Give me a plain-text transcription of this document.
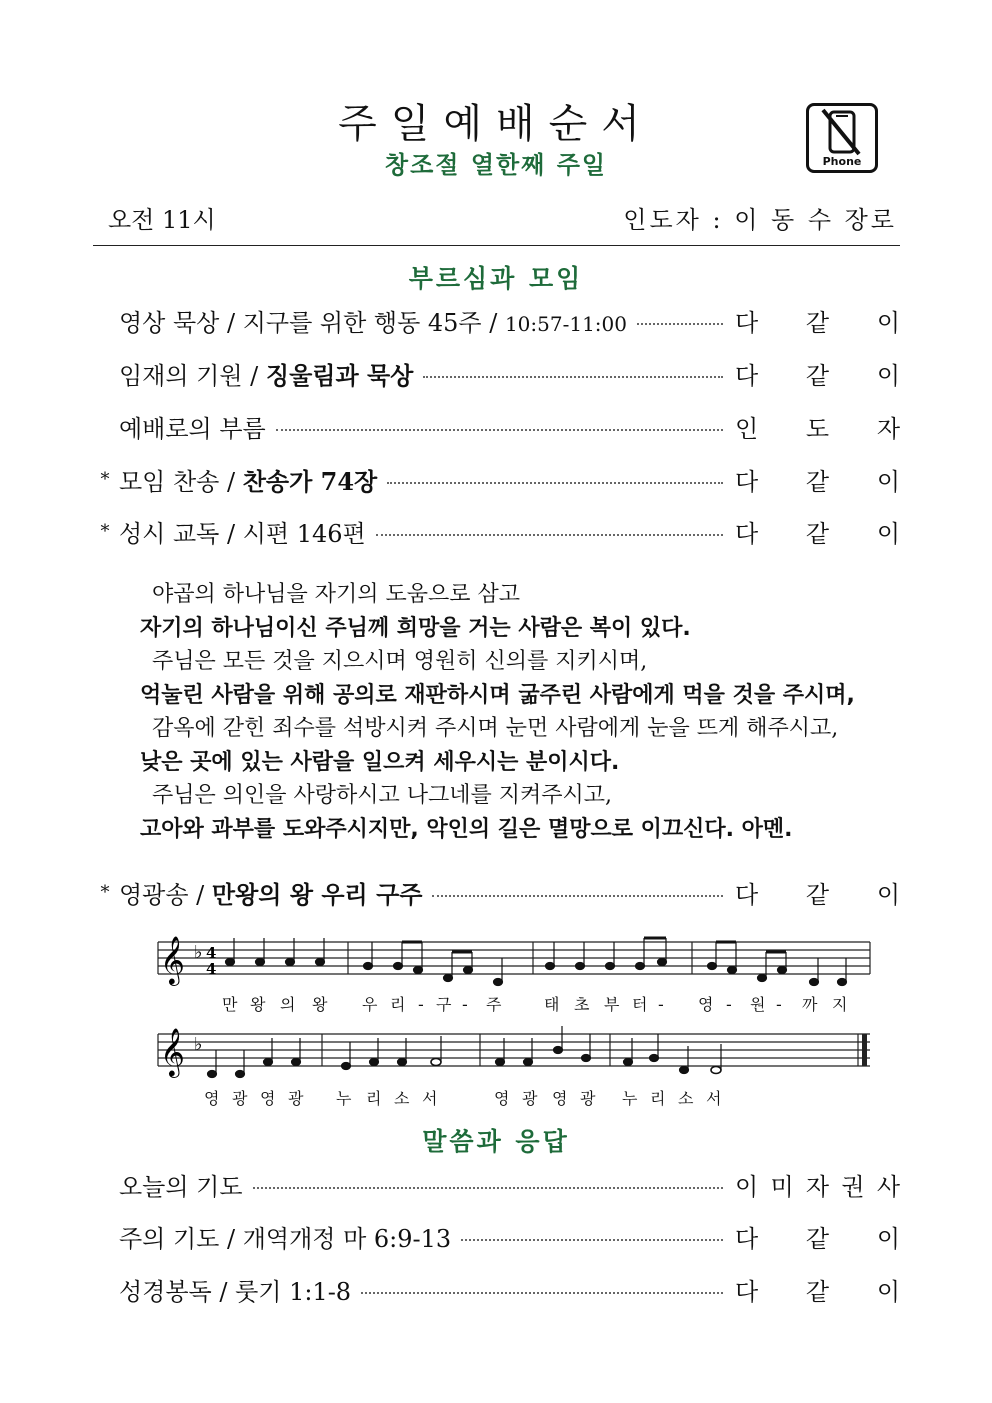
주일예배순서
창조절 열한째 주일	Phone
오전 11시	인도자 : 이 동 수 장로
부르심과 모임
영상 묵상 / 지구를 위한 행동 45주 / 10:57-11:00	다 같 이
임재의 기원 / 징울림과 묵상	다 같 이
예배로의 부름	인 도 자
* 모임 찬송 / 찬송가 74장	다 같 이
* 성시 교독 / 시편 146편	다 같 이
야곱의 하나님을 자기의 도움으로 삼고
자기의 하나님이신 주님께 희망을 거는 사람은 복이 있다.
주님은 모든 것을 지으시며 영원히 신의를 지키시며,
억눌린 사람을 위해 공의로 재판하시며 굶주린 사람에게 먹을 것을 주시며,
감옥에 갇힌 죄수를 석방시켜 주시며 눈먼 사람에게 눈을 뜨게 해주시고,
낮은 곳에 있는 사람을 일으켜 세우시는 분이시다.
주님은 의인을 사랑하시고 나그네를 지켜주시고,
고아와 과부를 도와주시지만, 악인의 길은 멸망으로 이끄신다. 아멘.
* 영광송 / 만왕의 왕 우리 구주	다 같 이
𝄞
𝄞
♭
♭
4
4
만 왕 의 왕 우 리 - 구 - 주	태 초 부 터 - 영 - 원 - 까 지
영 광 영 광 누 리 소 서	영 광 영 광 누 리 소 서
말씀과 응답
오늘의 기도	이 미 자 권 사
주의 기도 / 개역개정 마 6:9-13	다 같 이
성경봉독 / 룻기 1:1-8	다 같 이
